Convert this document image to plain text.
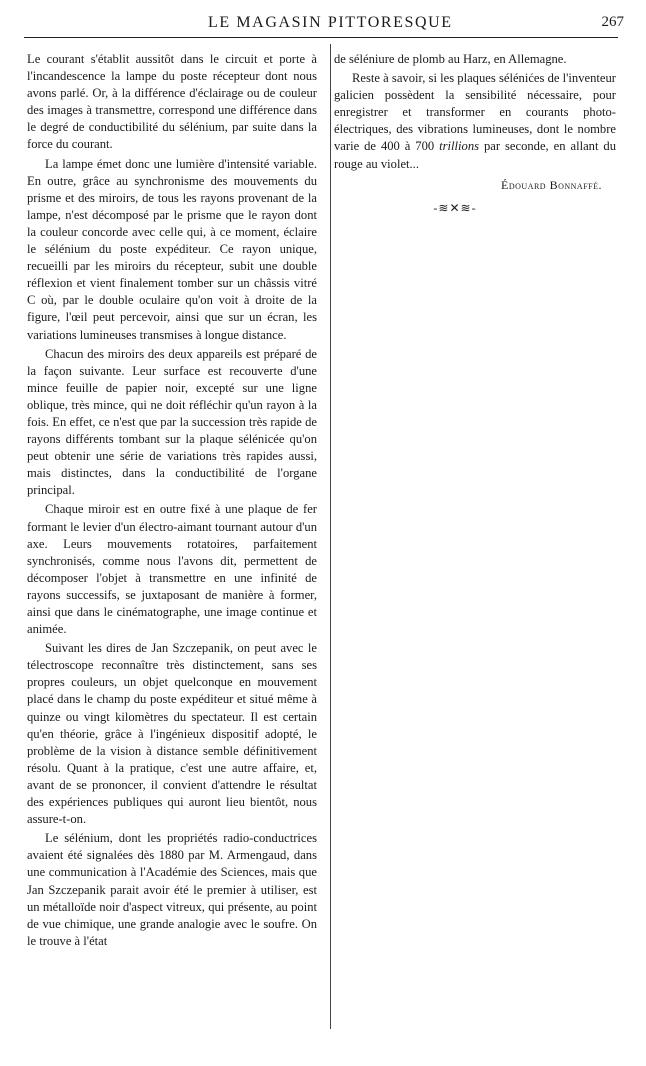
LE MAGASIN PITTORESQUE	267

Le courant s'établit aussitôt dans le circuit et porte à l'incandescence la lampe du poste récepteur dont nous avons parlé. Or, à la différence d'éclairage ou de couleur des images à transmettre, correspond une différence dans le degré de conductibilité du sélénium, par suite dans la force du courant.

La lampe émet donc une lumière d'intensité variable. En outre, grâce au synchronisme des mouvements du prisme et des miroirs, de tous les rayons provenant de la lampe, n'est décomposé par le prisme que le rayon dont la couleur concorde avec celle qui, à ce moment, éclaire le sélénium du poste expéditeur. Ce rayon unique, recueilli par les miroirs du récepteur, subit une double réflexion et vient finalement tomber sur un châssis vitré C où, par le double oculaire qu'on voit à droite de la figure, l'œil peut percevoir, ainsi que sur un écran, les variations lumineuses transmises à longue distance.

Chacun des miroirs des deux appareils est préparé de la façon suivante. Leur surface est recouverte d'une mince feuille de papier noir, excepté sur une ligne oblique, très mince, qui ne doit réfléchir qu'un rayon à la fois. En effet, ce n'est que par la succession très rapide de rayons différents tombant sur la plaque sélénicée qu'on peut obtenir une série de variations très rapides aussi, mais distinctes, dans la conductibilité de l'organe principal.

Chaque miroir est en outre fixé à une plaque de fer formant le levier d'un électro-aimant tournant autour d'un axe. Leurs mouvements rotatoires, parfaitement synchronisés, comme nous l'avons dit, permettent de décomposer l'objet à transmettre en une infinité de rayons successifs, se juxtaposant de manière à former, ainsi que dans le cinématographe, une image continue et animée.

Suivant les dires de Jan Szczepanik, on peut avec le télectroscope reconnaître très distinctement, sans ses propres couleurs, un objet quelconque en mouvement placé dans le champ du poste expéditeur et situé même à quinze ou vingt kilomètres du spectateur. Il est certain qu'en théorie, grâce à l'ingénieux dispositif adopté, le problème de la vision à distance semble définitivement résolu. Quant à la pratique, c'est une autre affaire, et, avant de se prononcer, il convient d'attendre le résultat des expériences publiques qui auront lieu bientôt, nous assure-t-on.

Le sélénium, dont les propriétés radio-conductrices avaient été signalées dès 1880 par M. Armengaud, dans une communication à l'Académie des Sciences, mais que Jan Szczepanik parait avoir été le premier à utiliser, est un métalloïde noir d'aspect vitreux, qui présente, au point de vue chimique, une grande analogie avec le soufre. On le trouve à l'état

de séléniure de plomb au Harz, en Allemagne.

Reste à savoir, si les plaques sélénićes de l'inventeur galicien possèdent la sensibilité nécessaire, pour enregistrer et transformer en courants photo-électriques, des vibrations lumineuses, dont le nombre varie de 400 à 700 trillions par seconde, en allant du rouge au violet...

Édouard Bonnaffé.
-≋✕≋-
